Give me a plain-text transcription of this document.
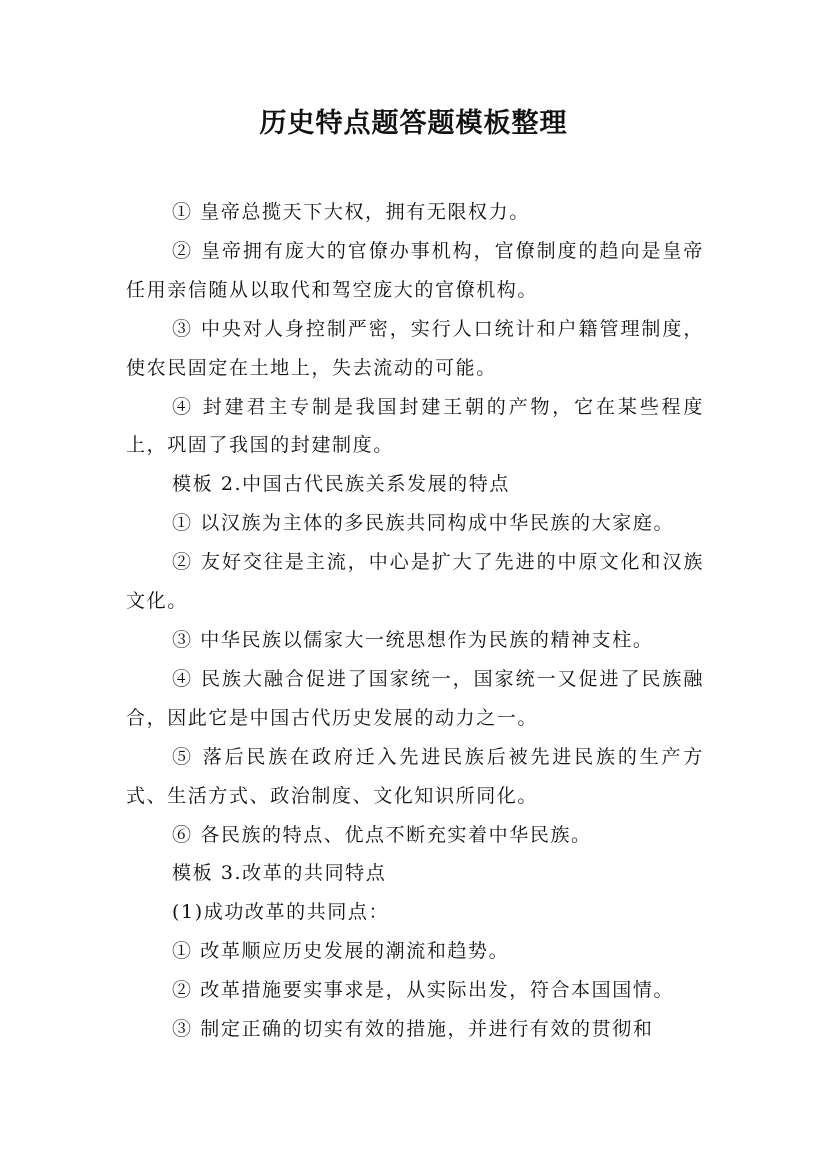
历史特点题答题模板整理

① 皇帝总揽天下大权，拥有无限权力。

② 皇帝拥有庞大的官僚办事机构，官僚制度的趋向是皇帝任用亲信随从以取代和驾空庞大的官僚机构。

③ 中央对人身控制严密，实行人口统计和户籍管理制度，使农民固定在土地上，失去流动的可能。

④ 封建君主专制是我国封建王朝的产物，它在某些程度上，巩固了我国的封建制度。

模板 2.中国古代民族关系发展的特点

① 以汉族为主体的多民族共同构成中华民族的大家庭。

② 友好交往是主流，中心是扩大了先进的中原文化和汉族文化。

③ 中华民族以儒家大一统思想作为民族的精神支柱。

④ 民族大融合促进了国家统一，国家统一又促进了民族融合，因此它是中国古代历史发展的动力之一。

⑤ 落后民族在政府迁入先进民族后被先进民族的生产方式、生活方式、政治制度、文化知识所同化。

⑥ 各民族的特点、优点不断充实着中华民族。

模板 3.改革的共同特点

(1)成功改革的共同点：

① 改革顺应历史发展的潮流和趋势。

② 改革措施要实事求是，从实际出发，符合本国国情。

③ 制定正确的切实有效的措施，并进行有效的贯彻和
